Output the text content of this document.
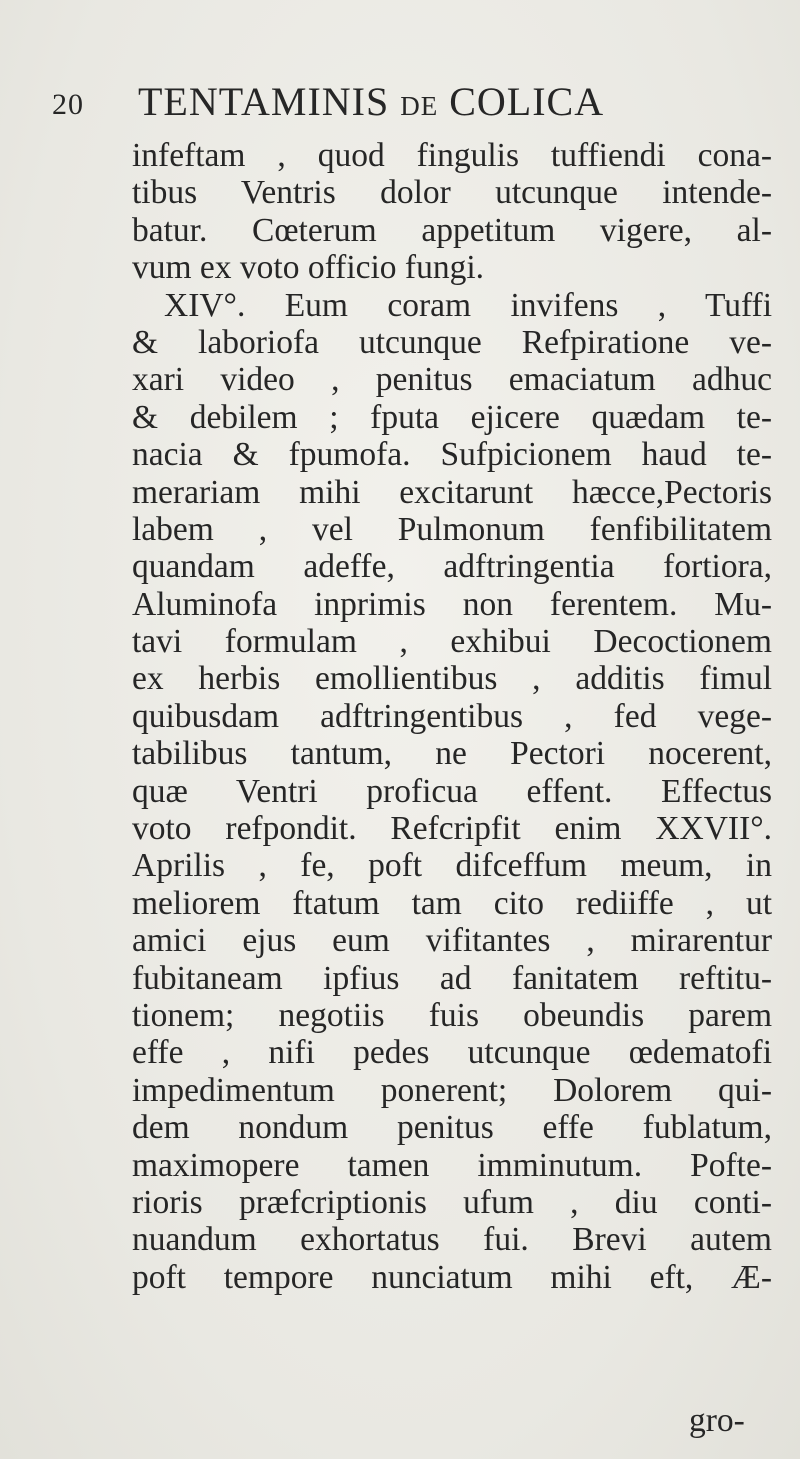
20 TENTAMINIS DE COLICA
infeftam , quod fingulis tuffiendi cona-
tibus Ventris dolor utcunque intende-
batur. Cœterum appetitum vigere, al-
vum ex voto officio fungi.
XIV°. Eum coram invifens , Tuffi
& laboriofa utcunque Refpiratione ve-
xari video , penitus emaciatum adhuc
& debilem ; fputa ejicere quædam te-
nacia & fpumofa. Sufpicionem haud te-
merariam mihi excitarunt hæcce,Pectoris
labem , vel Pulmonum fenfibilitatem
quandam adeffe, adftringentia fortiora,
Aluminofa inprimis non ferentem. Mu-
tavi formulam , exhibui Decoctionem
ex herbis emollientibus , additis fimul
quibusdam adftringentibus , fed vege-
tabilibus tantum, ne Pectori nocerent,
quæ Ventri proficua effent. Effectus
voto refpondit. Refcripfit enim XXVII°.
Aprilis , fe, poft difceffum meum, in
meliorem ftatum tam cito rediiffe , ut
amici ejus eum vifitantes , mirarentur
fubitaneam ipfius ad fanitatem reftitu-
tionem; negotiis fuis obeundis parem
effe , nifi pedes utcunque œdematofi
impedimentum ponerent; Dolorem qui-
dem nondum penitus effe fublatum,
maximopere tamen imminutum. Pofte-
rioris præfcriptionis ufum , diu conti-
nuandum exhortatus fui. Brevi autem
poft tempore nunciatum mihi eft, Æ-
gro-
